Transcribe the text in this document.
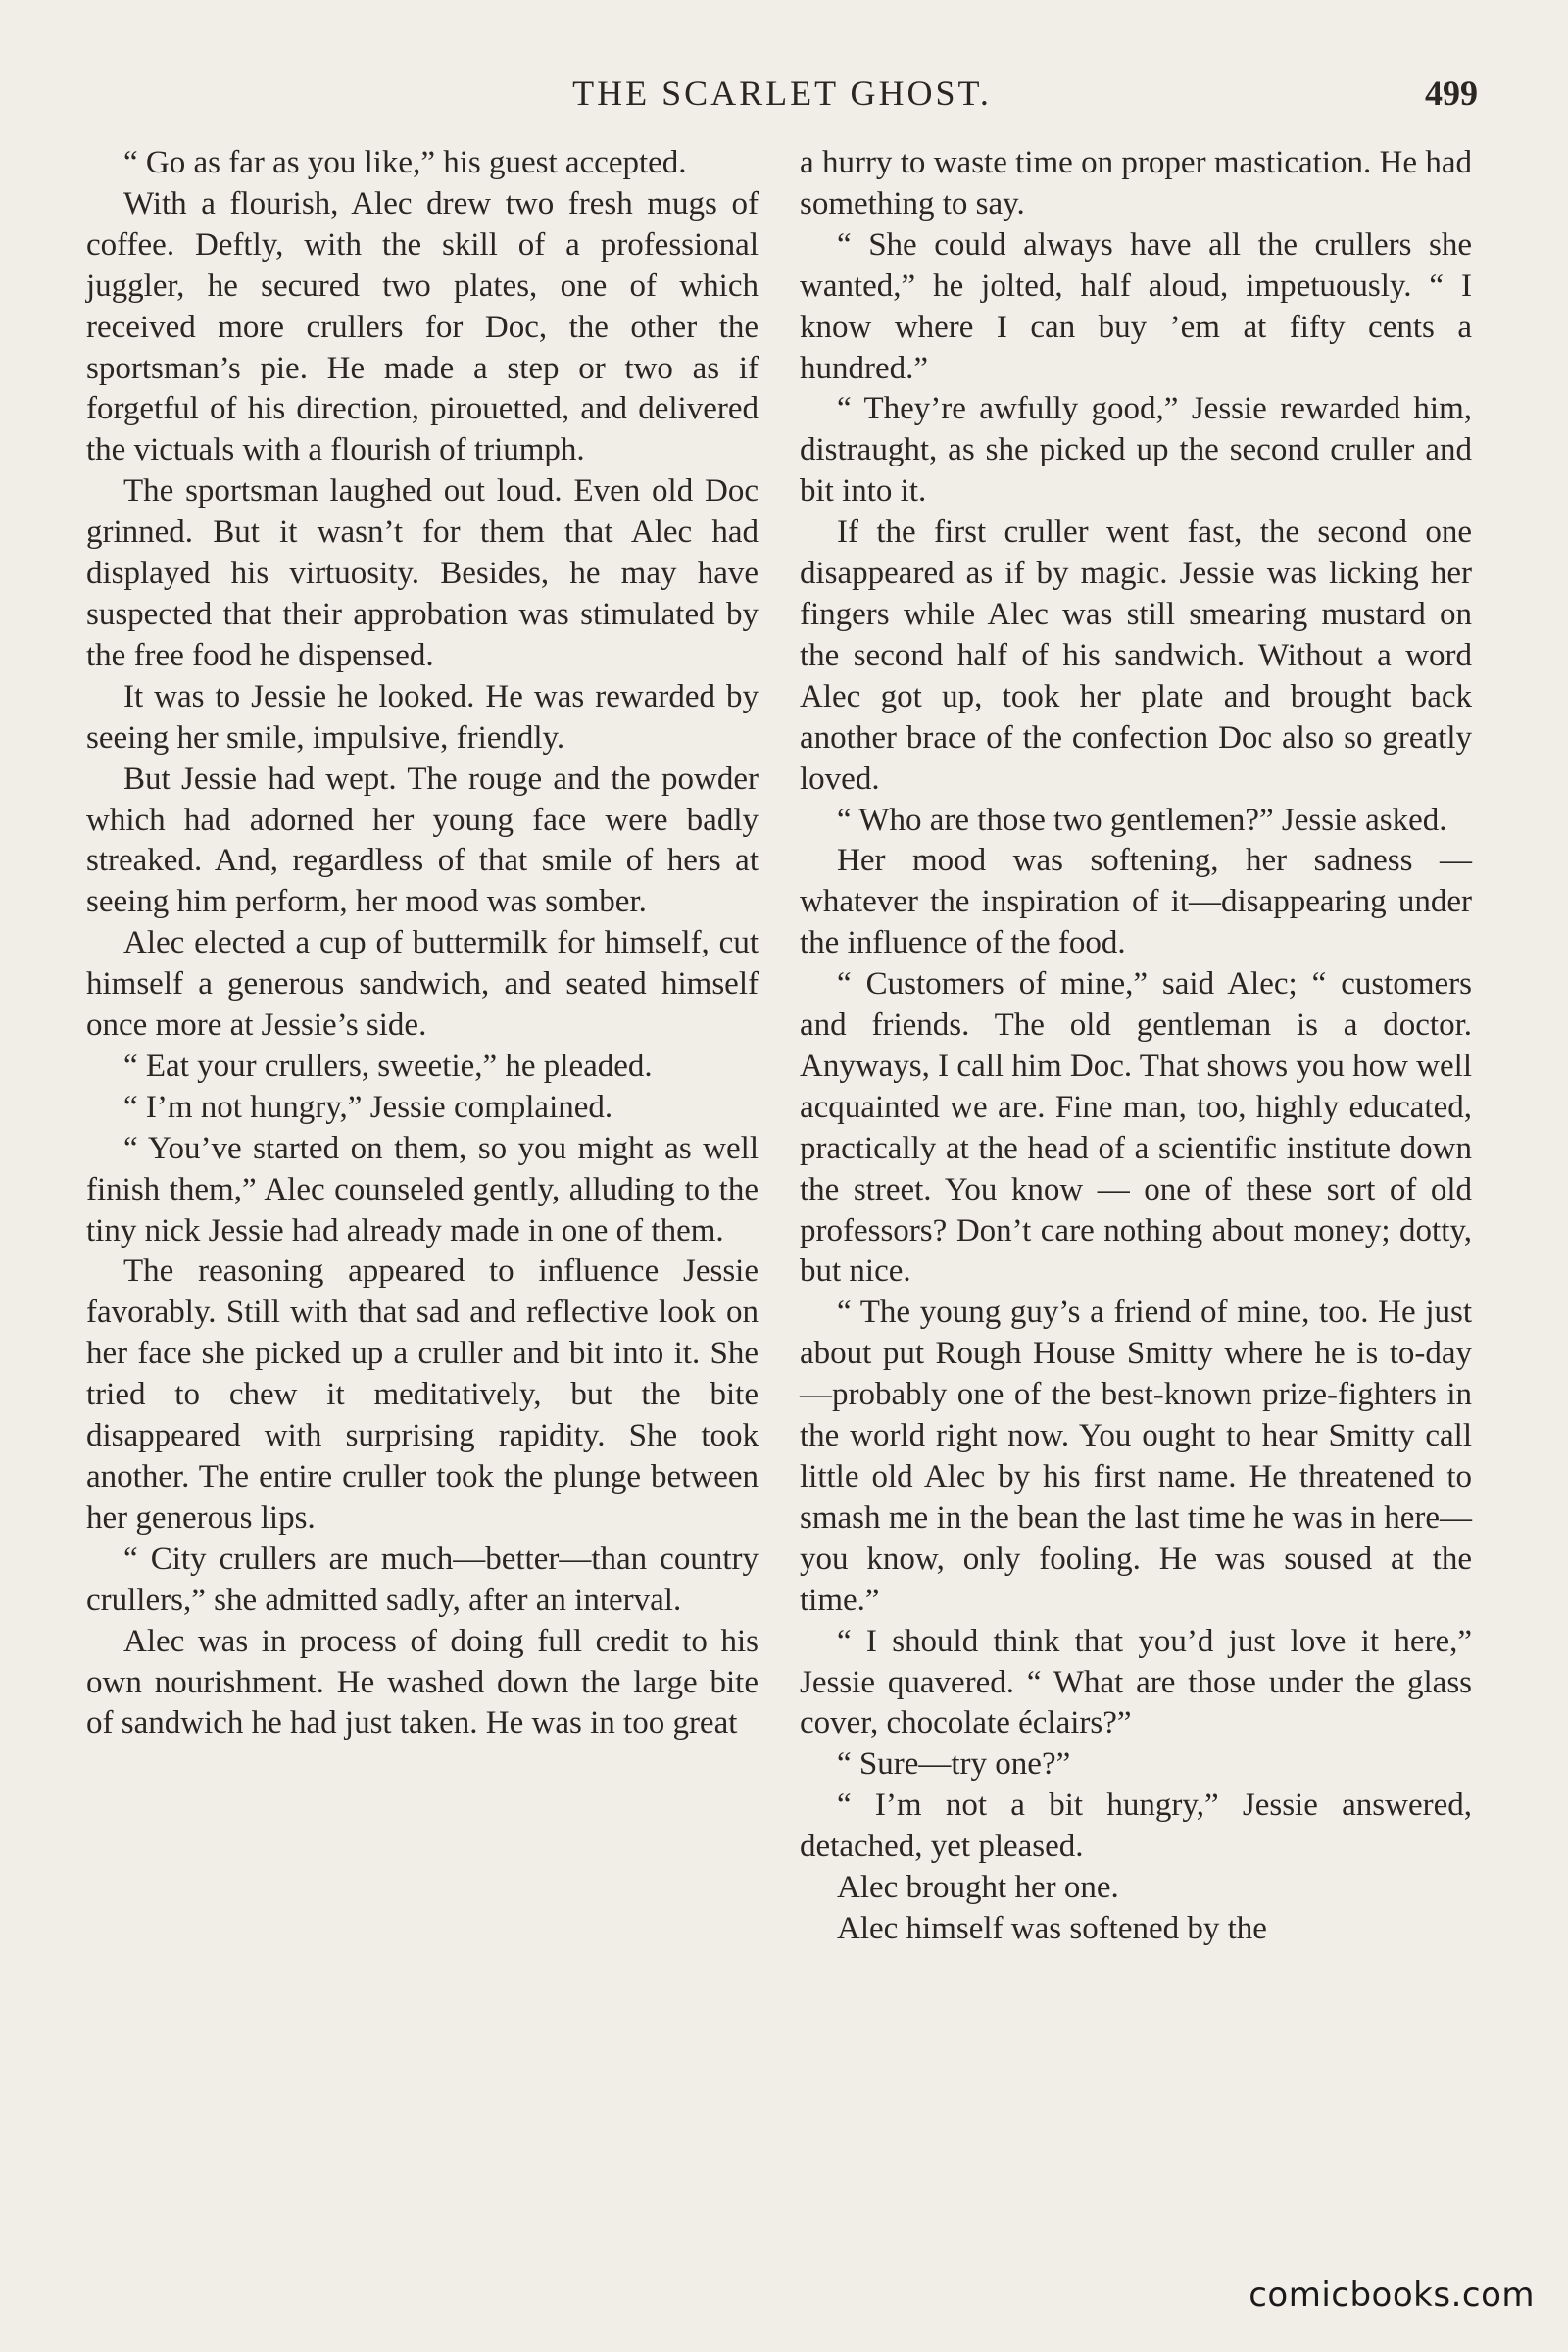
THE SCARLET GHOST.	499

“ Go as far as you like,” his guest accepted.

With a flourish, Alec drew two fresh mugs of coffee. Deftly, with the skill of a professional juggler, he secured two plates, one of which received more crullers for Doc, the other the sportsman’s pie. He made a step or two as if forgetful of his direction, pirouetted, and delivered the victuals with a flourish of triumph.

The sportsman laughed out loud. Even old Doc grinned. But it wasn’t for them that Alec had displayed his virtuosity. Besides, he may have suspected that their approbation was stimulated by the free food he dispensed.

It was to Jessie he looked. He was rewarded by seeing her smile, impulsive, friendly.

But Jessie had wept. The rouge and the powder which had adorned her young face were badly streaked. And, regardless of that smile of hers at seeing him perform, her mood was somber.

Alec elected a cup of buttermilk for himself, cut himself a generous sandwich, and seated himself once more at Jessie’s side.

“ Eat your crullers, sweetie,” he pleaded.

“ I’m not hungry,” Jessie complained.

“ You’ve started on them, so you might as well finish them,” Alec counseled gently, alluding to the tiny nick Jessie had already made in one of them.

The reasoning appeared to influence Jessie favorably. Still with that sad and reflective look on her face she picked up a cruller and bit into it. She tried to chew it meditatively, but the bite disappeared with surprising rapidity. She took another. The entire cruller took the plunge between her generous lips.

“ City crullers are much—better—than country crullers,” she admitted sadly, after an interval.

Alec was in process of doing full credit to his own nourishment. He washed down the large bite of sandwich he had just taken. He was in too great

a hurry to waste time on proper mastication. He had something to say.

“ She could always have all the crullers she wanted,” he jolted, half aloud, impetuously. “ I know where I can buy ’em at fifty cents a hundred.”

“ They’re awfully good,” Jessie rewarded him, distraught, as she picked up the second cruller and bit into it.

If the first cruller went fast, the second one disappeared as if by magic. Jessie was licking her fingers while Alec was still smearing mustard on the second half of his sandwich. Without a word Alec got up, took her plate and brought back another brace of the confection Doc also so greatly loved.

“ Who are those two gentlemen?” Jessie asked.

Her mood was softening, her sadness —whatever the inspiration of it—disappearing under the influence of the food.

“ Customers of mine,” said Alec; “ customers and friends. The old gentleman is a doctor. Anyways, I call him Doc. That shows you how well acquainted we are. Fine man, too, highly educated, practically at the head of a scientific institute down the street. You know — one of these sort of old professors? Don’t care nothing about money; dotty, but nice.

“ The young guy’s a friend of mine, too. He just about put Rough House Smitty where he is to-day—probably one of the best-known prize-fighters in the world right now. You ought to hear Smitty call little old Alec by his first name. He threatened to smash me in the bean the last time he was in here—you know, only fooling. He was soused at the time.”

“ I should think that you’d just love it here,” Jessie quavered. “ What are those under the glass cover, chocolate éclairs?”

“ Sure—try one?”

“ I’m not a bit hungry,” Jessie answered, detached, yet pleased.

Alec brought her one.

Alec himself was softened by the

comicbooks.com
